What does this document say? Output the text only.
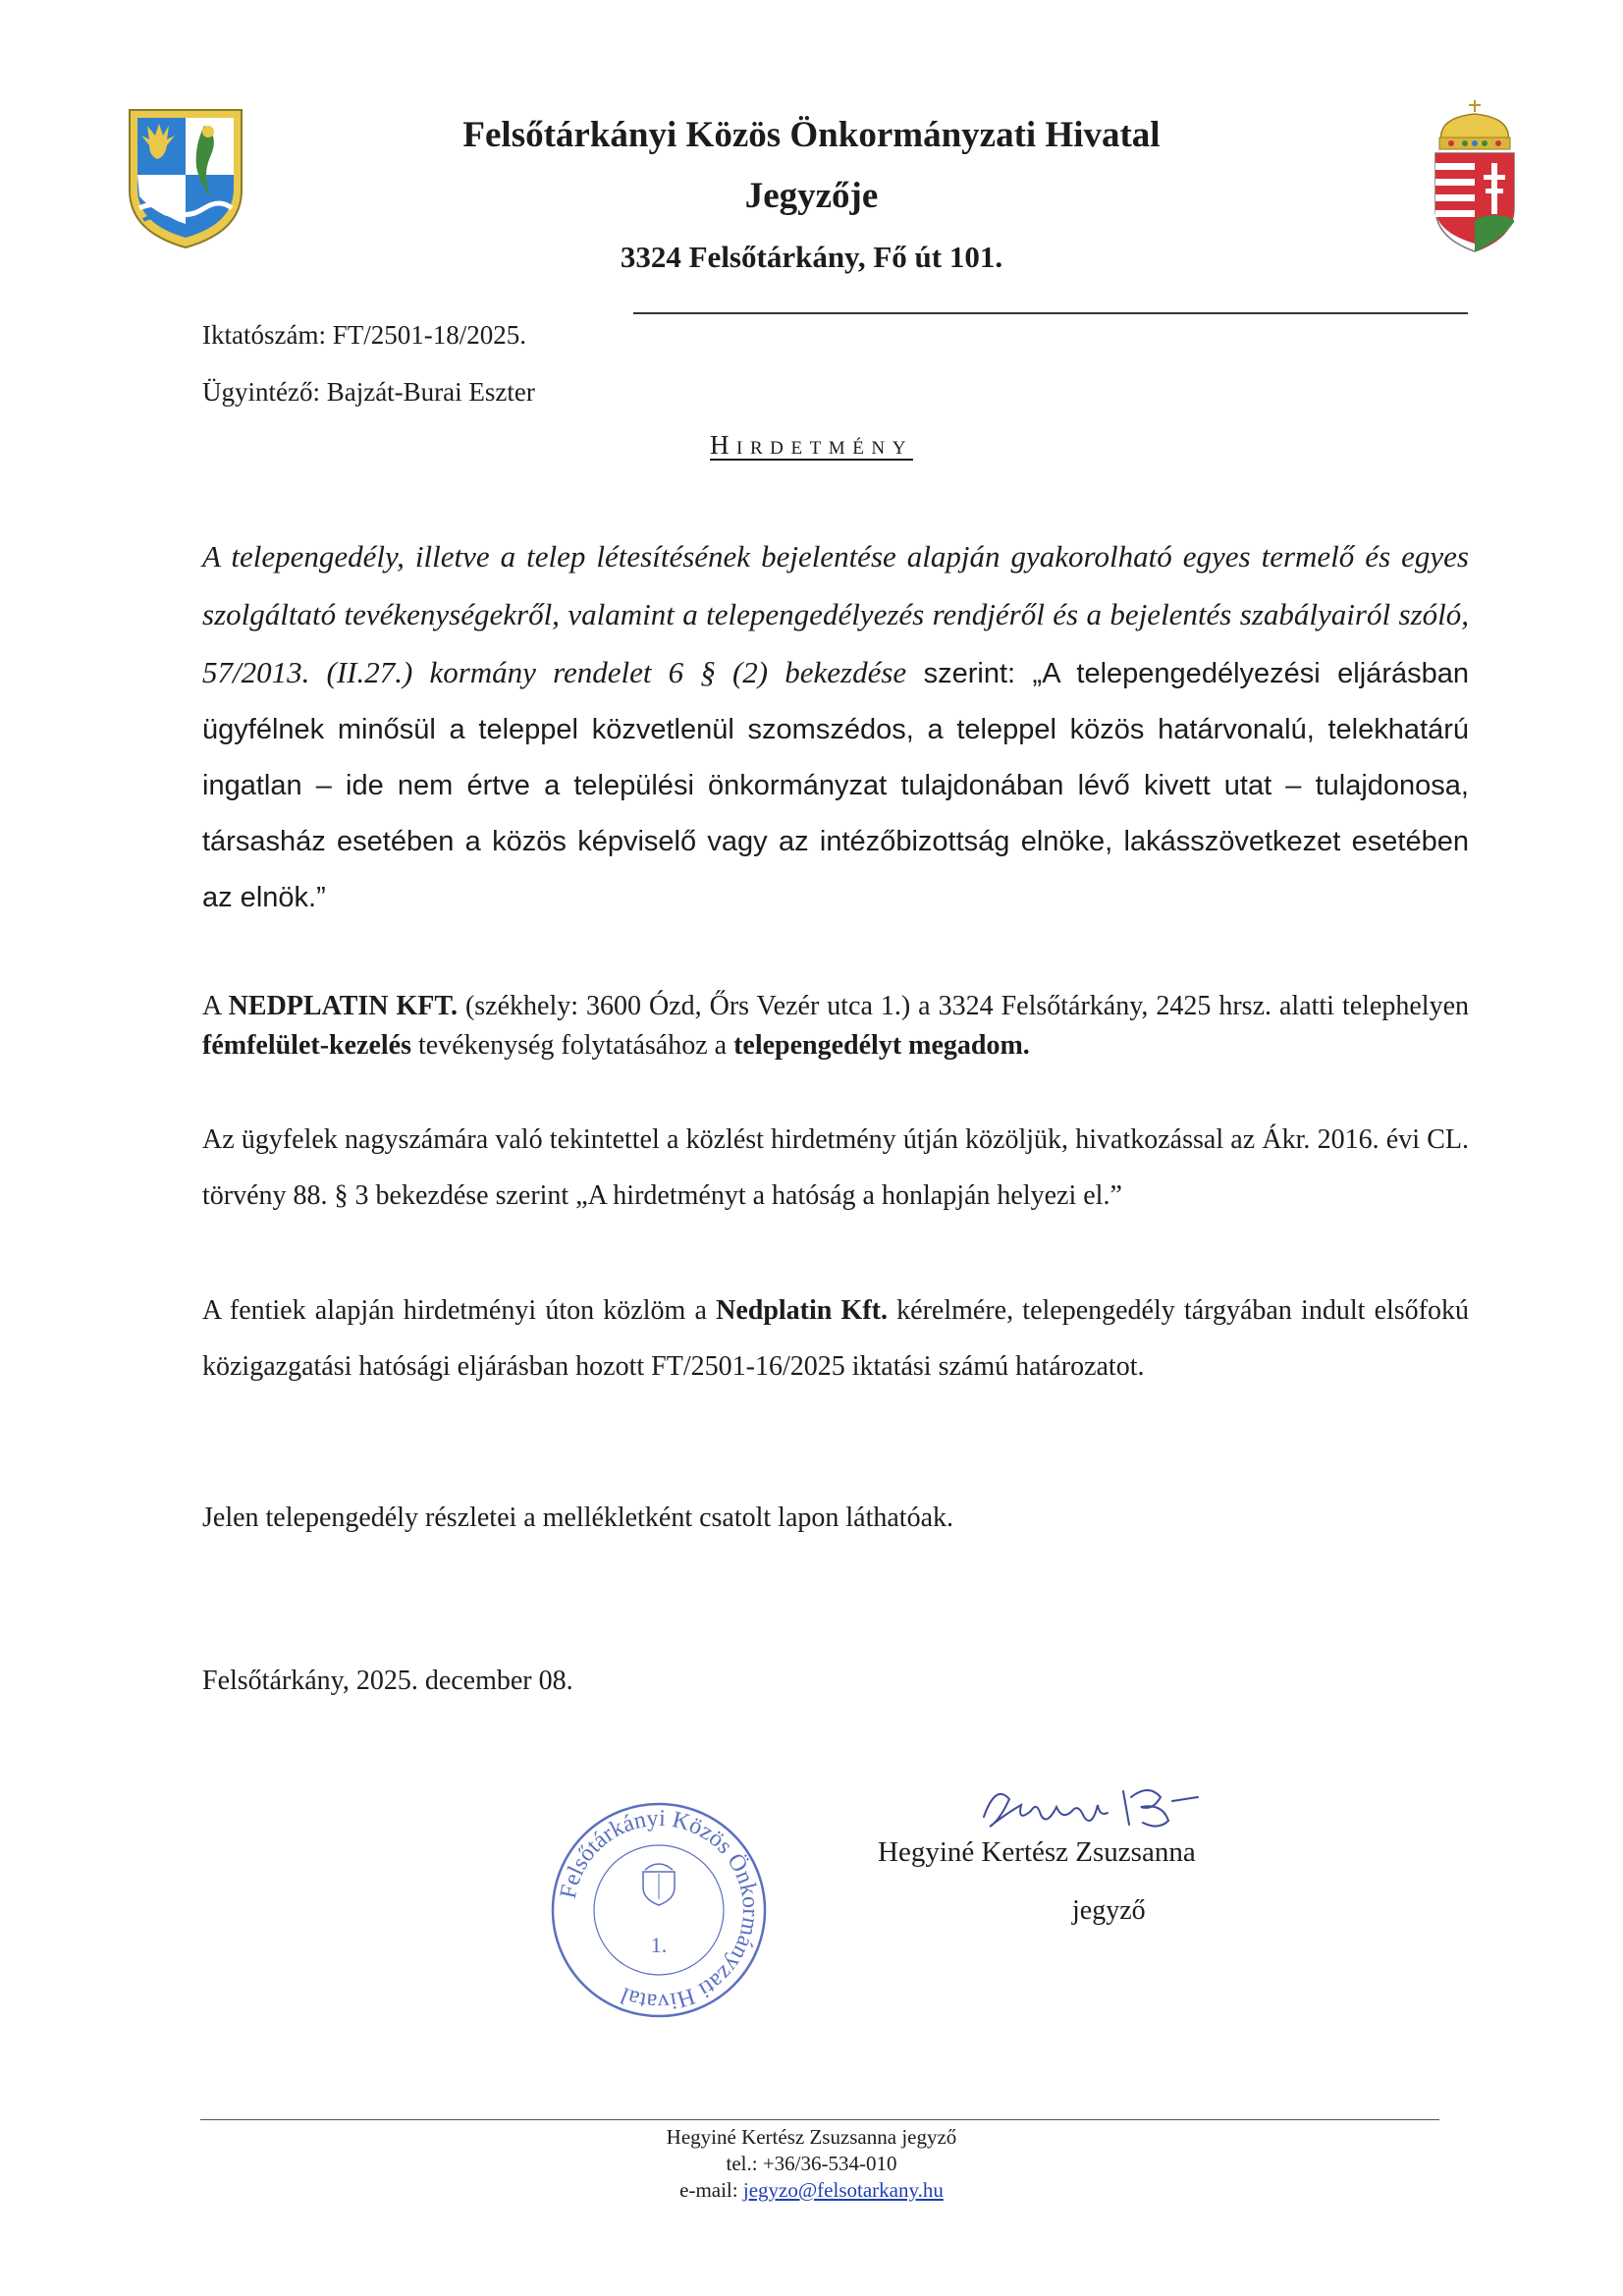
Felsőtárkányi Közös Önkormányzati Hivatal
Jegyzője
3324 Felsőtárkány, Fő út 101.
Iktatószám: FT/2501-18/2025.
Ügyintéző: Bajzát-Burai Eszter
Hirdetmény
A telepengedély, illetve a telep létesítésének bejelentése alapján gyakorolható egyes termelő és egyes szolgáltató tevékenységekről, valamint a telepengedélyezés rendjéről és a bejelentés szabályairól szóló, 57/2013. (II.27.) kormány rendelet 6 § (2) bekezdése szerint: „A telepengedélyezési eljárásban ügyfélnek minősül a teleppel közvetlenül szomszédos, a teleppel közös határvonalú, telekhatárú ingatlan – ide nem értve a települési önkormányzat tulajdonában lévő kivett utat – tulajdonosa, társasház esetében a közös képviselő vagy az intézőbizottság elnöke, lakásszövetkezet esetében az elnök.”
A NEDPLATIN KFT. (székhely: 3600 Ózd, Őrs Vezér utca 1.) a 3324 Felsőtárkány, 2425 hrsz. alatti telephelyen fémfelület-kezelés tevékenység folytatásához a telepengedélyt megadom.
Az ügyfelek nagyszámára való tekintettel a közlést hirdetmény útján közöljük, hivatkozással az Ákr. 2016. évi CL. törvény 88. § 3 bekezdése szerint „A hirdetményt a hatóság a honlapján helyezi el.”
A fentiek alapján hirdetményi úton közlöm a Nedplatin Kft. kérelmére, telepengedély tárgyában indult elsőfokú közigazgatási hatósági eljárásban hozott FT/2501-16/2025 iktatási számú határozatot.
Jelen telepengedély részletei a mellékletként csatolt lapon láthatóak.
Felsőtárkány, 2025. december 08.
Felsőtárkányi Közös Önkormányzati Hivatal
1.
Hegyiné Kertész Zsuzsanna
jegyző
Hegyiné Kertész Zsuzsanna jegyző
tel.: +36/36-534-010
e-mail: jegyzo@felsotarkany.hu
